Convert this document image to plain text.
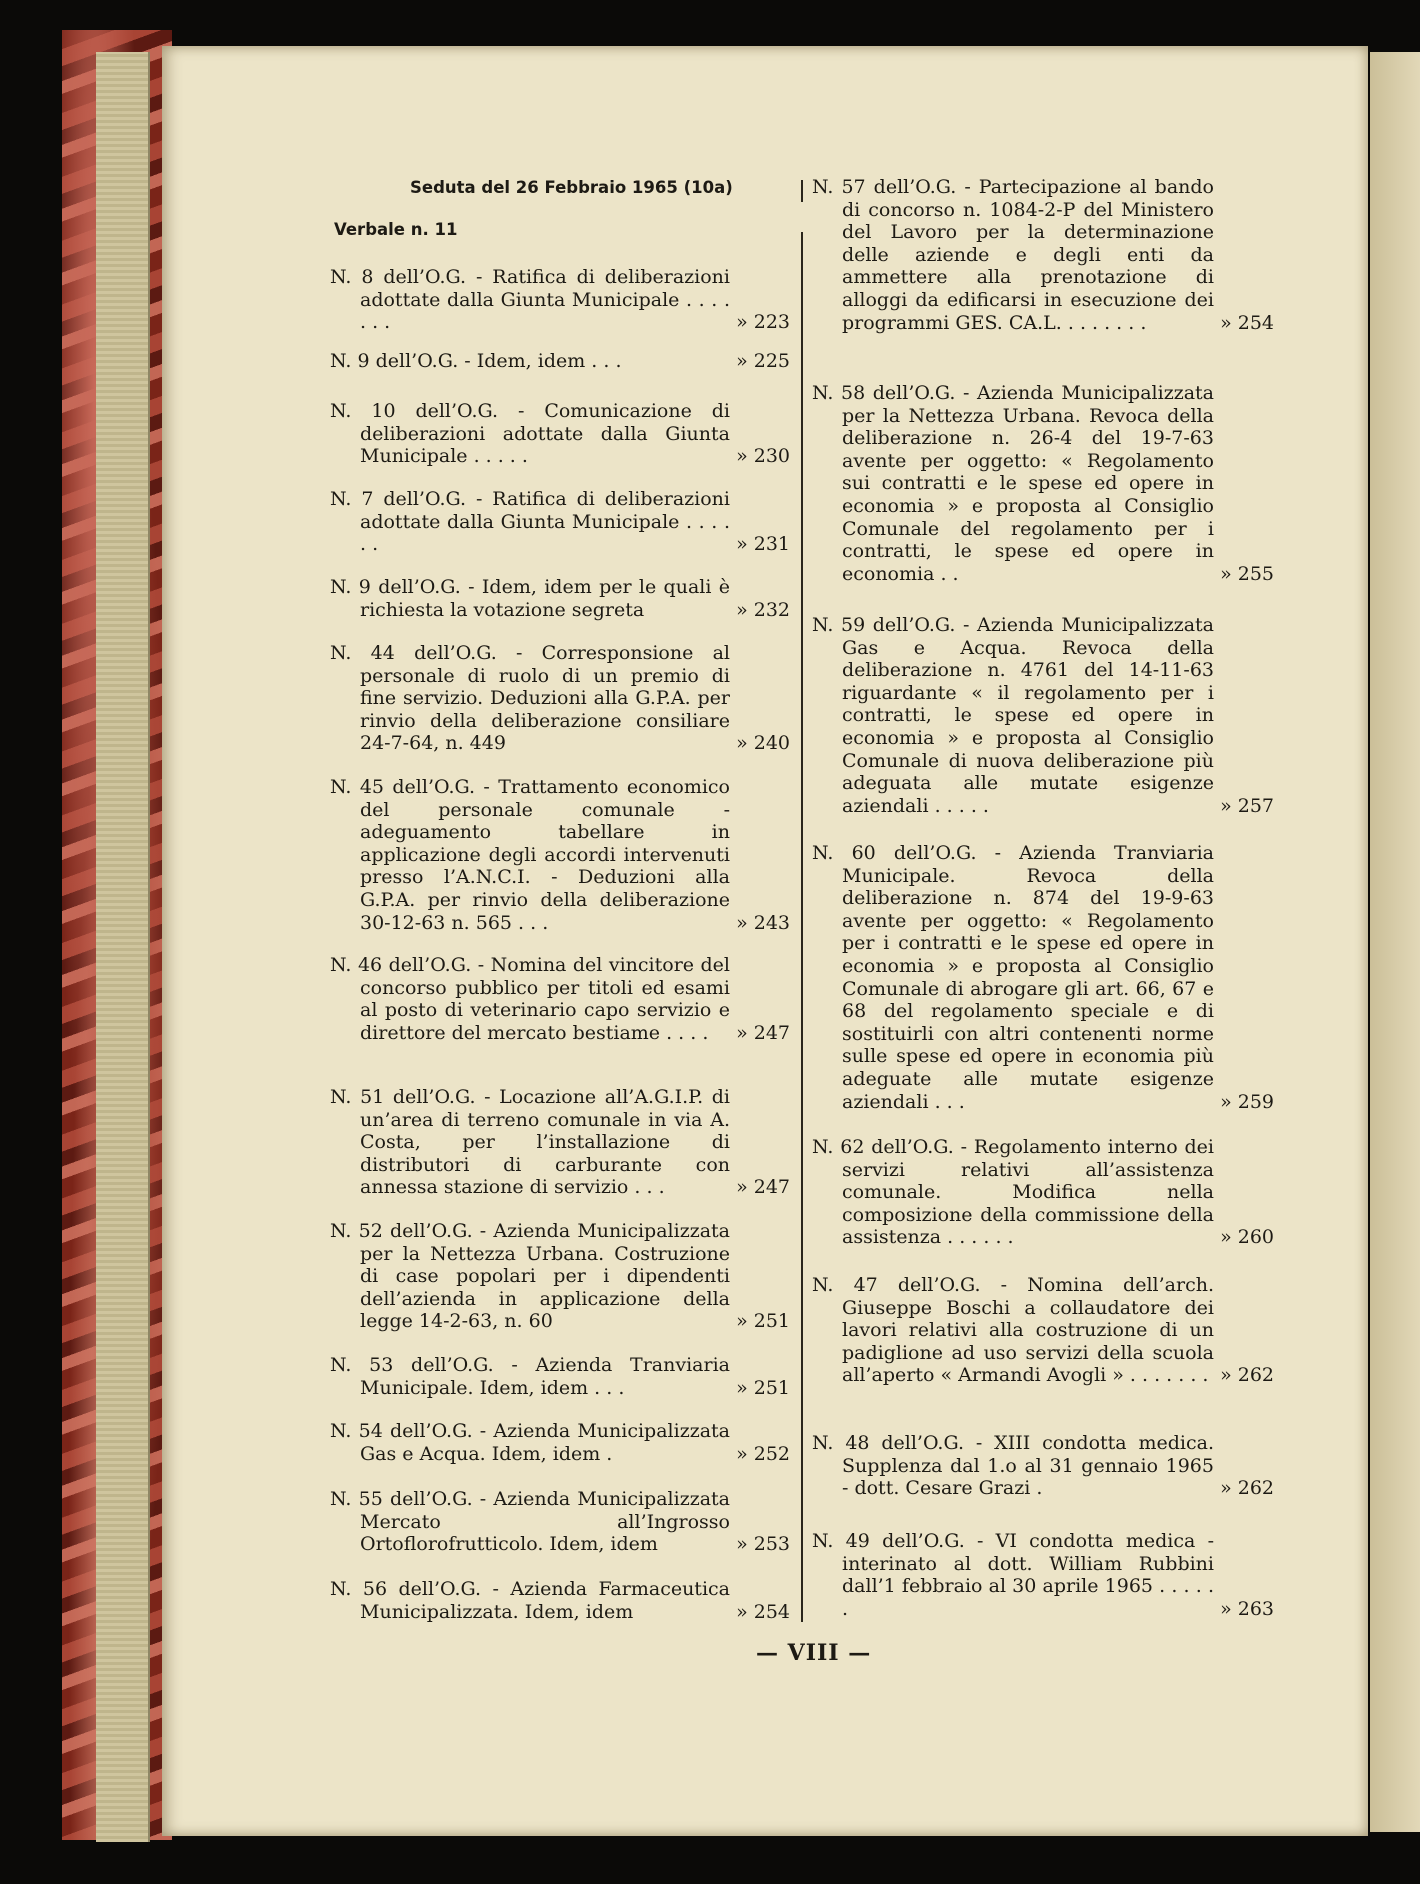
Seduta del 26 Febbraio 1965 (10a)
Verbale n. 11
N. 8 dell’O.G. - Ratifica di deliberazioni adottate dalla Giunta Municipale . . . . . . .	» 223
N. 9 dell’O.G. - Idem, idem . . .	» 225
N. 10 dell’O.G. - Comunicazione di deliberazioni adottate dalla Giunta Municipale . . . . .	» 230
N. 7 dell’O.G. - Ratifica di deliberazioni adottate dalla Giunta Municipale . . . . . .	» 231
N. 9 dell’O.G. - Idem, idem per le quali è richiesta la votazione segreta	» 232
N. 44 dell’O.G. - Corresponsione al personale di ruolo di un premio di fine servizio. Deduzioni alla G.P.A. per rinvio della deliberazione consiliare 24-7-64, n. 449	» 240
N. 45 dell’O.G. - Trattamento economico del personale comunale - adeguamento tabellare in applicazione degli accordi intervenuti presso l’A.N.C.I. - Deduzioni alla G.P.A. per rinvio della deliberazione 30-12-63 n. 565 . . .	» 243
N. 46 dell’O.G. - Nomina del vincitore del concorso pubblico per titoli ed esami al posto di veterinario capo servizio e direttore del mercato bestiame . . . .	» 247
N. 51 dell’O.G. - Locazione all’A.G.I.P. di un’area di terreno comunale in via A. Costa, per l’installazione di distributori di carburante con annessa stazione di servizio . . .	» 247
N. 52 dell’O.G. - Azienda Municipalizzata per la Nettezza Urbana. Costruzione di case popolari per i dipendenti dell’azienda in applicazione della legge 14-2-63, n. 60	» 251
N. 53 dell’O.G. - Azienda Tranviaria Municipale. Idem, idem . . .	» 251
N. 54 dell’O.G. - Azienda Municipalizzata Gas e Acqua. Idem, idem .	» 252
N. 55 dell’O.G. - Azienda Municipalizzata Mercato all’Ingrosso Ortoflorofrutticolo. Idem, idem	» 253
N. 56 dell’O.G. - Azienda Farmaceutica Municipalizzata. Idem, idem	» 254
N. 57 dell’O.G. - Partecipazione al bando di concorso n. 1084-2-P del Ministero del Lavoro per la determinazione delle aziende e degli enti da ammettere alla prenotazione di alloggi da edificarsi in esecuzione dei programmi GES. CA.L. . . . . . . .	» 254
N. 58 dell’O.G. - Azienda Municipalizzata per la Nettezza Urbana. Revoca della deliberazione n. 26-4 del 19-7-63 avente per oggetto: « Regolamento sui contratti e le spese ed opere in economia » e proposta al Consiglio Comunale del regolamento per i contratti, le spese ed opere in economia . .	» 255
N. 59 dell’O.G. - Azienda Municipalizzata Gas e Acqua. Revoca della deliberazione n. 4761 del 14-11-63 riguardante « il regolamento per i contratti, le spese ed opere in economia » e proposta al Consiglio Comunale di nuova deliberazione più adeguata alle mutate esigenze aziendali . . . . .	» 257
N. 60 dell’O.G. - Azienda Tranviaria Municipale. Revoca della deliberazione n. 874 del 19-9-63 avente per oggetto: « Regolamento per i contratti e le spese ed opere in economia » e proposta al Consiglio Comunale di abrogare gli art. 66, 67 e 68 del regolamento speciale e di sostituirli con altri contenenti norme sulle spese ed opere in economia più adeguate alle mutate esigenze aziendali . . .	» 259
N. 62 dell’O.G. - Regolamento interno dei servizi relativi all’assistenza comunale. Modifica nella composizione della commissione della assistenza . . . . . .	» 260
N. 47 dell’O.G. - Nomina dell’arch. Giuseppe Boschi a collaudatore dei lavori relativi alla costruzione di un padiglione ad uso servizi della scuola all’aperto « Armandi Avogli » . . . . . . . » 262
N. 48 dell’O.G. - XIII condotta medica. Supplenza dal 1.o al 31 gennaio 1965 - dott. Cesare Grazi .	» 262
N. 49 dell’O.G. - VI condotta medica - interinato al dott. William Rubbini dall’1 febbraio al 30 aprile 1965 . . . . . .	» 263
— VIII —
